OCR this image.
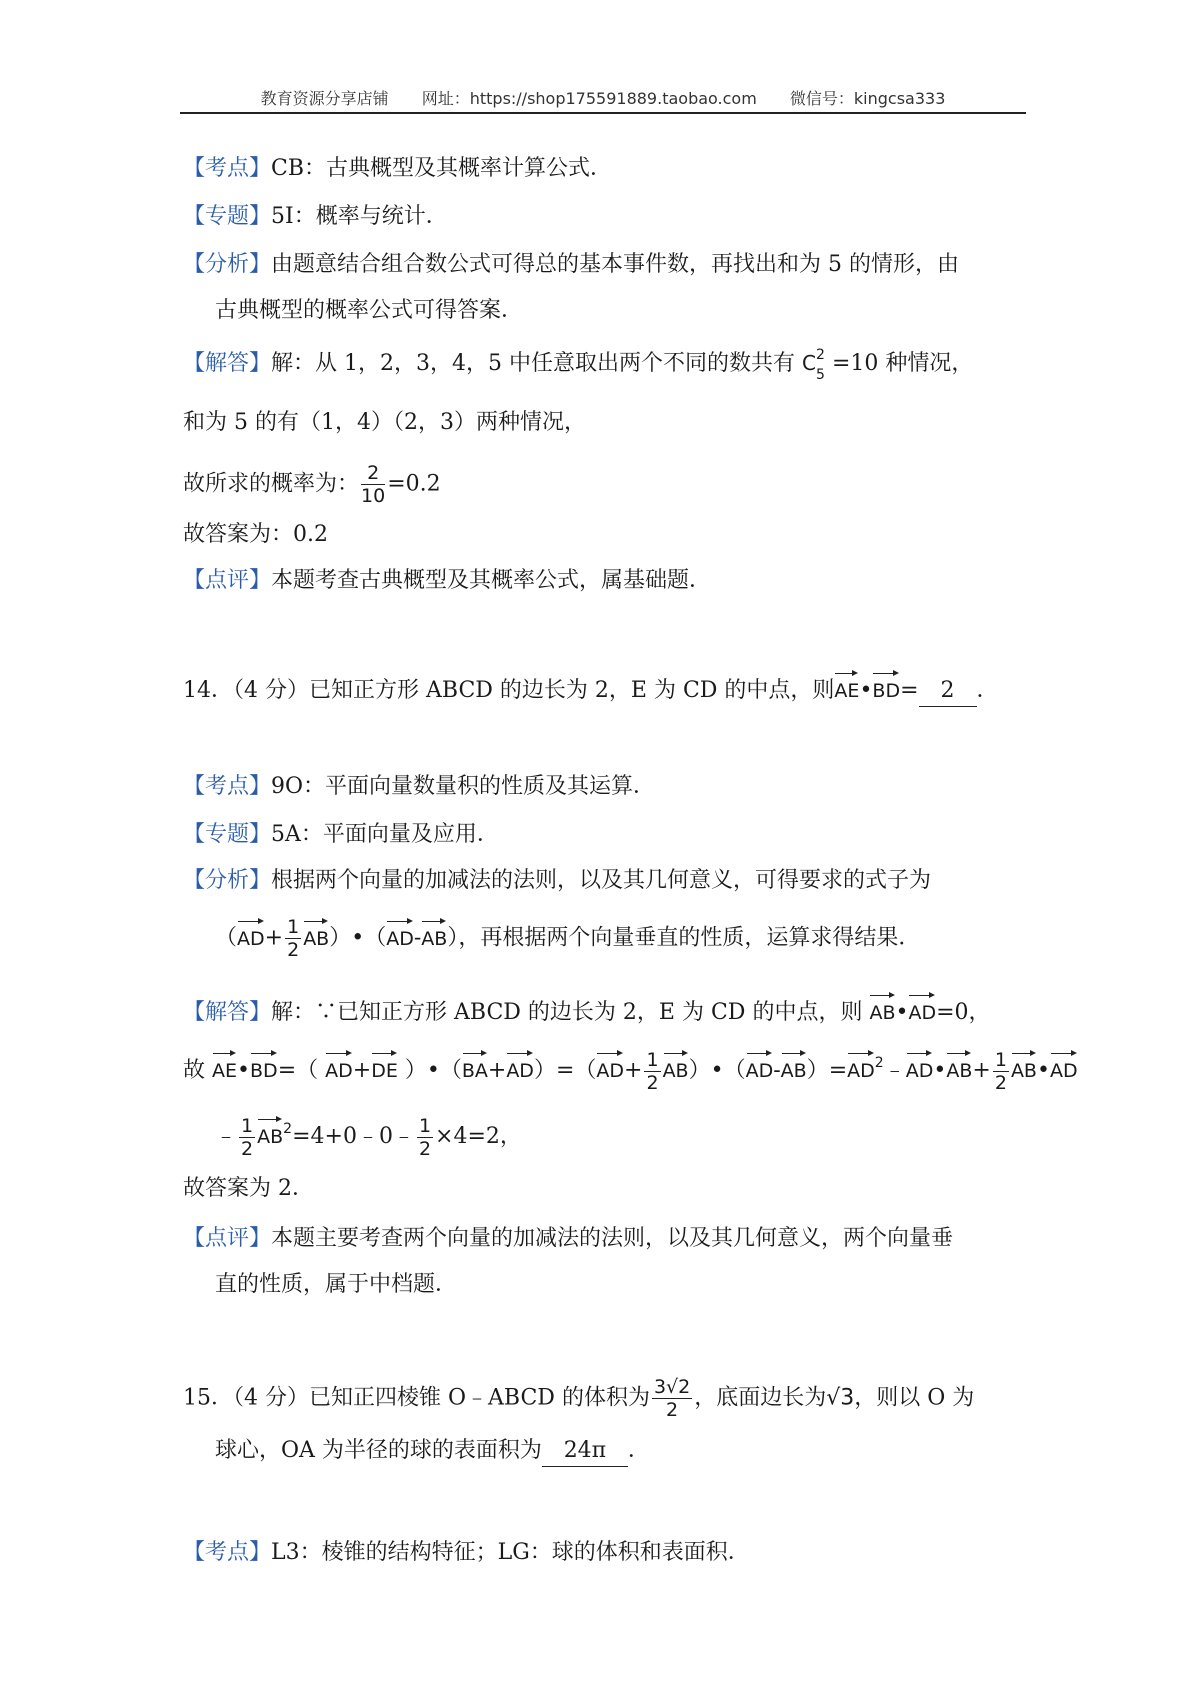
教育资源分享店铺 网址：https://shop175591889.taobao.com 微信号：kingcsa333
【考点】CB：古典概型及其概率计算公式．
【专题】5I：概率与统计．
【分析】由题意结合组合数公式可得总的基本事件数，再找出和为 5 的情形，由
古典概型的概率公式可得答案．
【解答】解：从 1，2，3，4，5 中任意取出两个不同的数共有 C 2
5 =10 种情况，
和为 5 的有（1，4）（2，3）两种情况，
故所求的概率为： $\frac{2}{10} =0.2$
故答案为：0.2
【点评】本题考查古典概型及其概率公式，属基础题．
14．（4 分）已知正方形 ABCD 的边长为 2，E 为 CD 的中点，则AE•BD= 2 ．
【考点】9O：平面向量数量积的性质及其运算．
【专题】5A：平面向量及应用．
【分析】根据两个向量的加减法的法则，以及其几何意义，可得要求的式子为
（$AD+ \frac{1}{2}$ AB）•（AD-AB），再根据两个向量垂直的性质，运算求得结果．
【解答】解：∵已知正方形 ABCD 的边长为 2，E 为 CD 的中点，则 AB•AD=0，
故 AE•BD=（ AD+DE ）•（BA+AD）=（AD+ $\frac{1}{2}$ $AB)•(AD-AB)=AD^2﹣AD•AB+ \frac{1}{2}$ AB•AD
﹣ $\frac{1}{2}$ $AB^2=4+0﹣0﹣ \frac{1}{2} \times 4=2$，
故答案为 2．
【点评】本题主要考查两个向量的加减法的法则，以及其几何意义，两个向量垂
直的性质，属于中档题．
15．（4 分）已知正四棱锥 O﹣ABCD 的体积为 $\frac{3√2}{2}$ ，底面边长为√3，则以 O 为
球心，OA 为半径的球的表面积为 24π ．
【考点】L3：棱锥的结构特征；LG：球的体积和表面积．
